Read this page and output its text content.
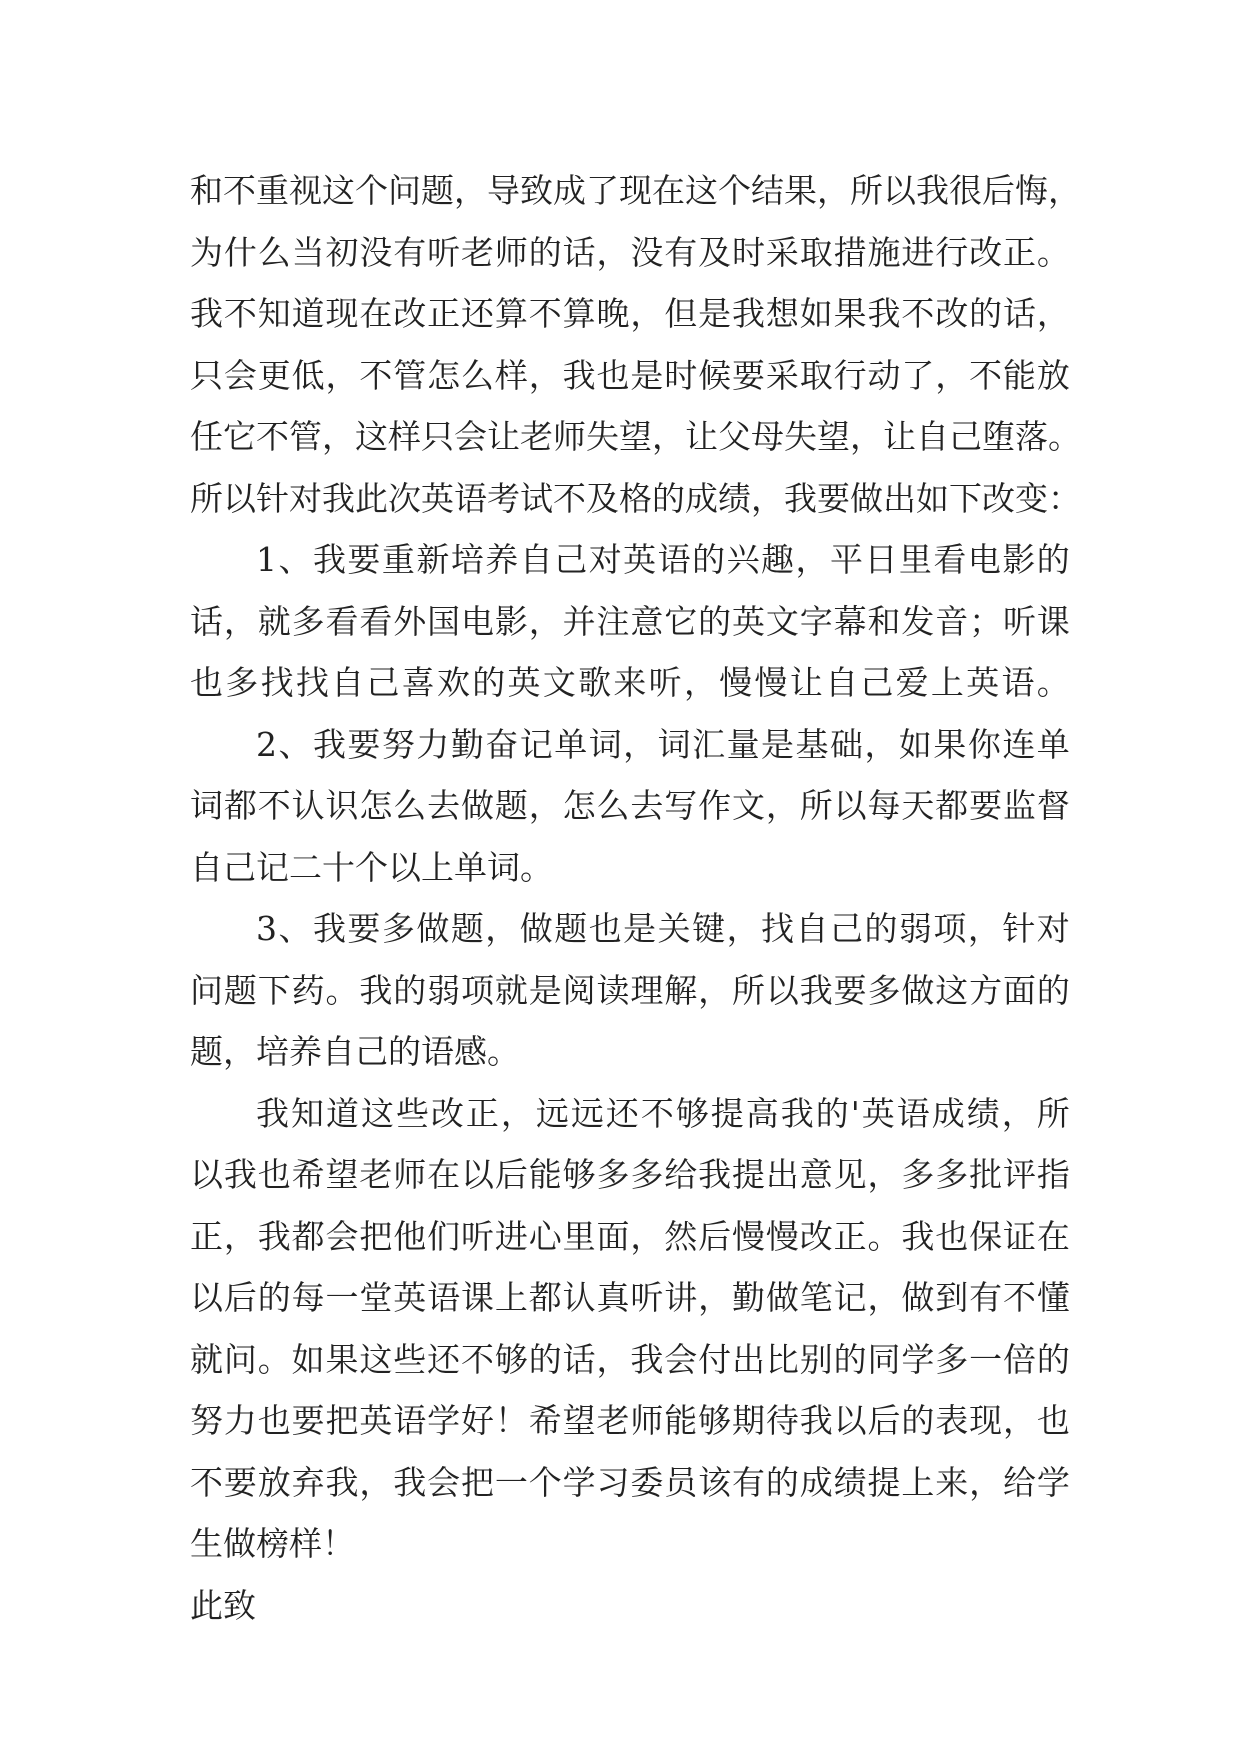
和 不 重 视 这 个 问 题 ， 导 致 成 了 现 在 这 个 结 果 ， 所 以 我 很 后 悔 ，
为 什 么 当 初 没 有 听 老 师 的 话 ， 没 有 及 时 采 取 措 施 进 行 改 正 。
我 不 知 道 现 在 改 正 还 算 不 算 晚 ， 但 是 我 想 如 果 我 不 改 的 话 ，
只 会 更 低 ， 不 管 怎 么 样 ， 我 也 是 时 候 要 采 取 行 动 了 ， 不 能 放
任 它 不 管 ， 这 样 只 会 让 老 师 失 望 ， 让 父 母 失 望 ， 让 自 己 堕 落 。
所 以 针 对 我 此 次 英 语 考 试 不 及 格 的 成 绩 ， 我 要 做 出 如 下 改 变 ：
1 、 我 要 重 新 培 养 自 己 对 英 语 的 兴 趣 ， 平 日 里 看 电 影 的
话 ， 就 多 看 看 外 国 电 影 ， 并 注 意 它 的 英 文 字 幕 和 发 音 ； 听 课
也 多 找 找 自 己 喜 欢 的 英 文 歌 来 听 ， 慢 慢 让 自 己 爱 上 英 语 。
2 、 我 要 努 力 勤 奋 记 单 词 ， 词 汇 量 是 基 础 ， 如 果 你 连 单
词 都 不 认 识 怎 么 去 做 题 ， 怎 么 去 写 作 文 ， 所 以 每 天 都 要 监 督
自 己 记 二 十 个 以 上 单 词 。
3 、 我 要 多 做 题 ， 做 题 也 是 关 键 ， 找 自 己 的 弱 项 ， 针 对
问 题 下 药 。 我 的 弱 项 就 是 阅 读 理 解 ， 所 以 我 要 多 做 这 方 面 的
题 ， 培 养 自 己 的 语 感 。
我 知 道 这 些 改 正 ， 远 远 还 不 够 提 高 我 的 ' 英 语 成 绩 ， 所
以 我 也 希 望 老 师 在 以 后 能 够 多 多 给 我 提 出 意 见 ， 多 多 批 评 指
正 ， 我 都 会 把 他 们 听 进 心 里 面 ， 然 后 慢 慢 改 正 。 我 也 保 证 在
以 后 的 每 一 堂 英 语 课 上 都 认 真 听 讲 ， 勤 做 笔 记 ， 做 到 有 不 懂
就 问 。 如 果 这 些 还 不 够 的 话 ， 我 会 付 出 比 别 的 同 学 多 一 倍 的
努 力 也 要 把 英 语 学 好 ！ 希 望 老 师 能 够 期 待 我 以 后 的 表 现 ， 也
不 要 放 弃 我 ， 我 会 把 一 个 学 习 委 员 该 有 的 成 绩 提 上 来 ， 给 学
生 做 榜 样 ！
此 致
